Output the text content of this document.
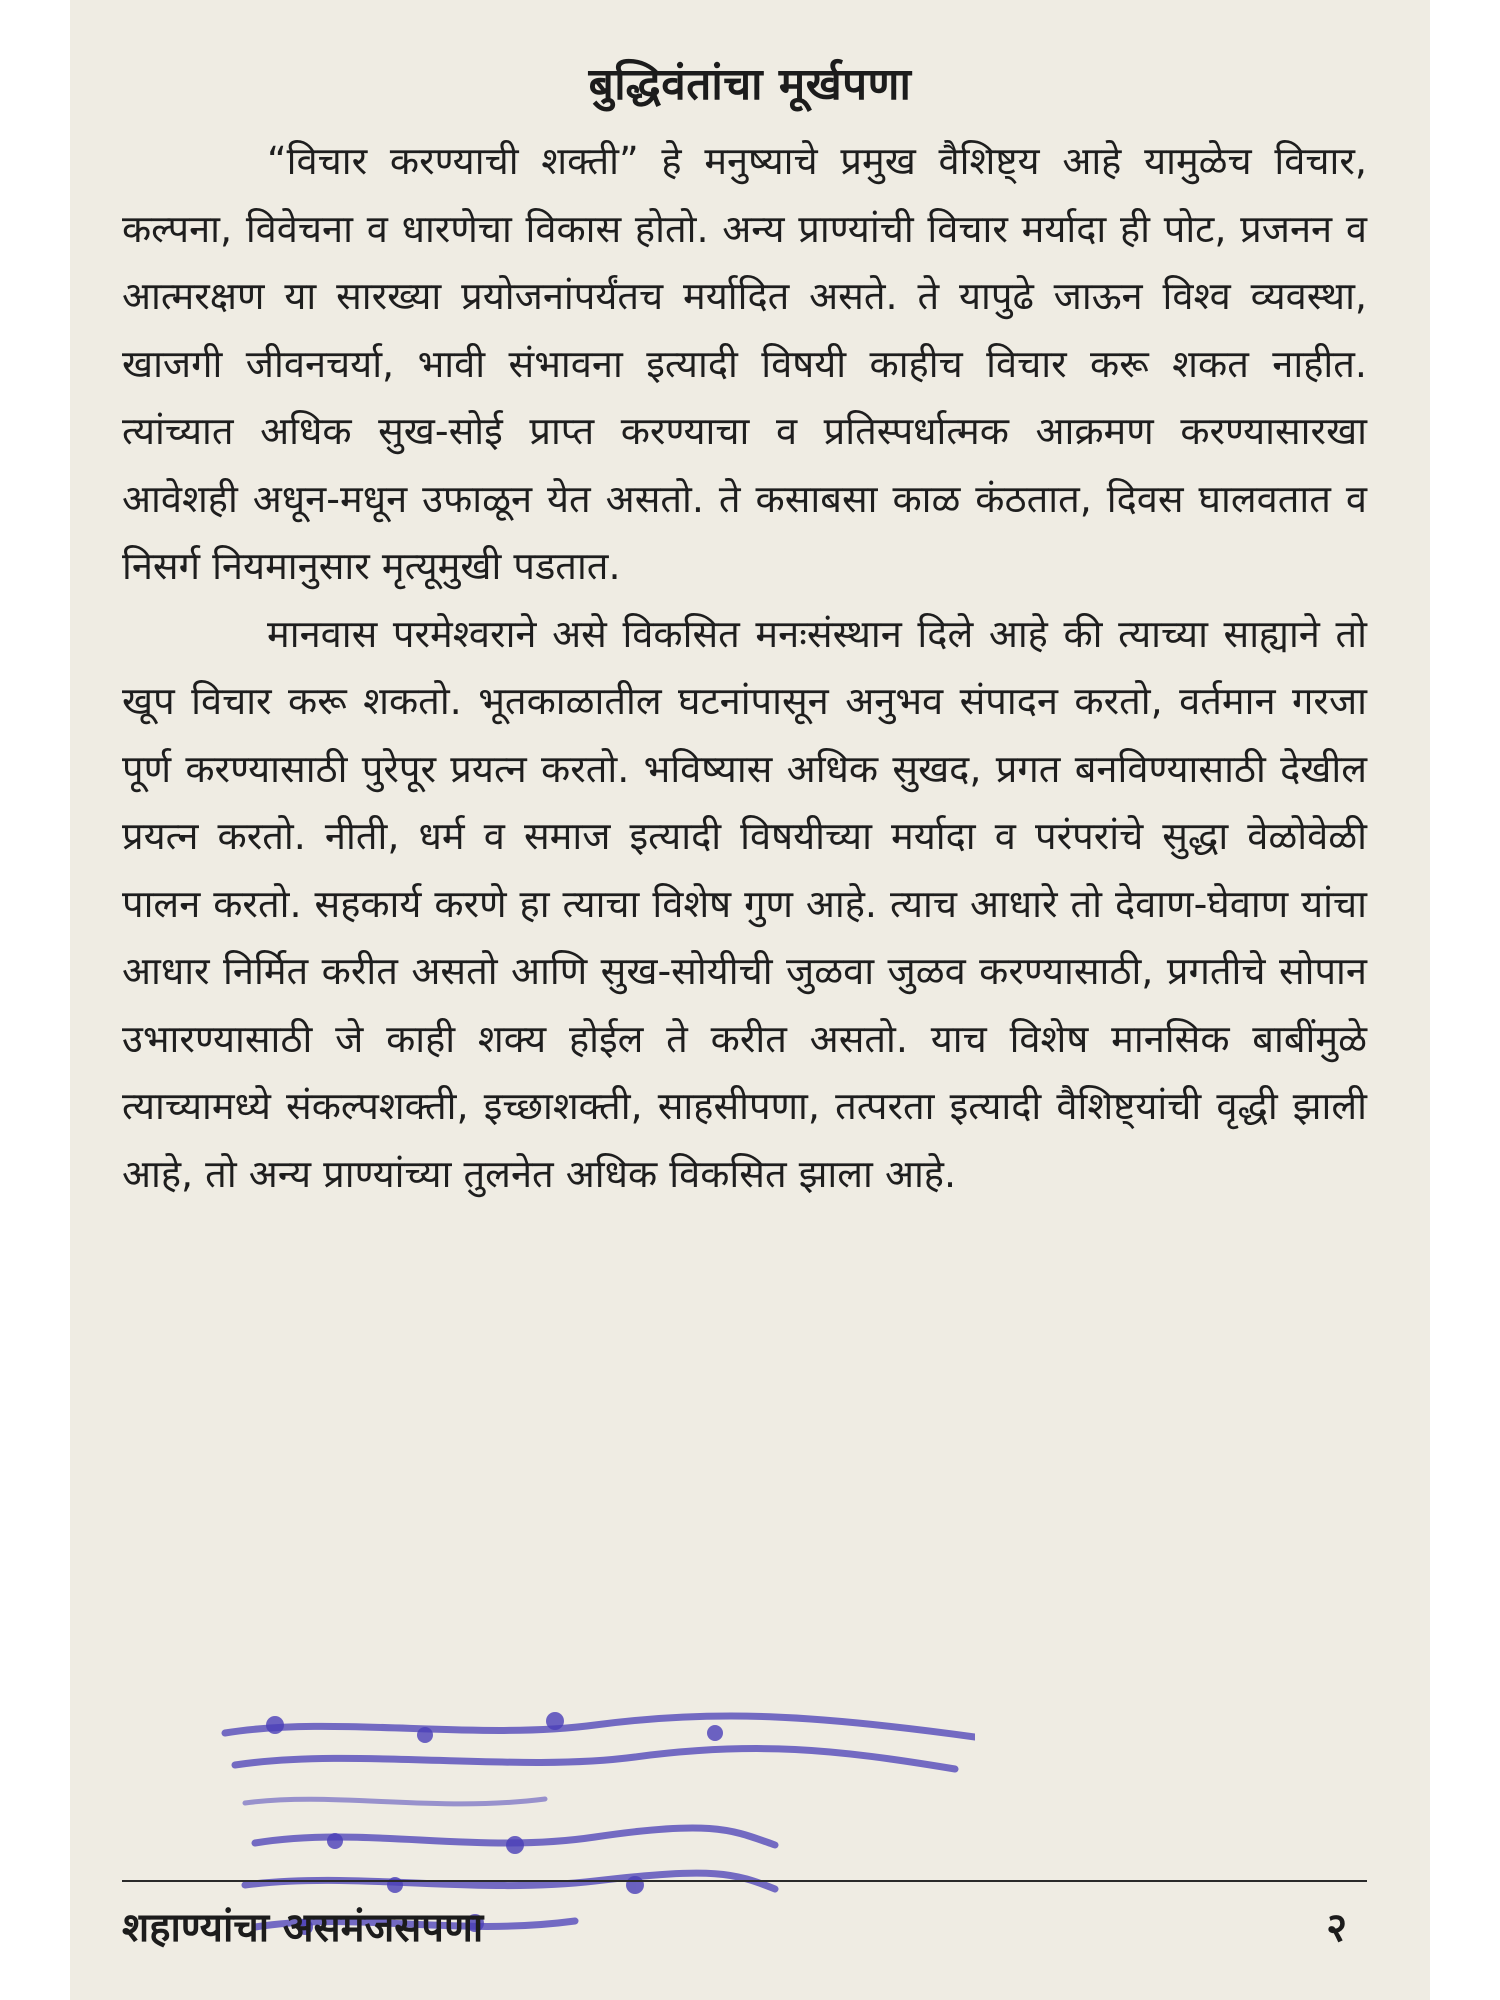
बुद्धिवंतांचा मूर्खपणा

“विचार करण्याची शक्ती” हे मनुष्याचे प्रमुख वैशिष्ट्य आहे यामुळेच विचार, कल्पना, विवेचना व धारणेचा विकास होतो. अन्य प्राण्यांची विचार मर्यादा ही पोट, प्रजनन व आत्मरक्षण या सारख्या प्रयोजनांपर्यंतच मर्यादित असते. ते यापुढे जाऊन विश्व व्यवस्था, खाजगी जीवनचर्या, भावी संभावना इत्यादी विषयी काहीच विचार करू शकत नाहीत. त्यांच्यात अधिक सुख-सोई प्राप्त करण्याचा व प्रतिस्पर्धात्मक आक्रमण करण्यासारखा आवेशही अधून-मधून उफाळून येत असतो. ते कसाबसा काळ कंठतात, दिवस घालवतात व निसर्ग नियमानुसार मृत्यूमुखी पडतात.

मानवास परमेश्वराने असे विकसित मनःसंस्थान दिले आहे की त्याच्या साह्याने तो खूप विचार करू शकतो. भूतकाळातील घटनांपासून अनुभव संपादन करतो, वर्तमान गरजा पूर्ण करण्यासाठी पुरेपूर प्रयत्न करतो. भविष्यास अधिक सुखद, प्रगत बनविण्यासाठी देखील प्रयत्न करतो. नीती, धर्म व समाज इत्यादी विषयीच्या मर्यादा व परंपरांचे सुद्धा वेळोवेळी पालन करतो. सहकार्य करणे हा त्याचा विशेष गुण आहे. त्याच आधारे तो देवाण-घेवाण यांचा आधार निर्मित करीत असतो आणि सुख-सोयीची जुळवा जुळव करण्यासाठी, प्रगतीचे सोपान उभारण्यासाठी जे काही शक्य होईल ते करीत असतो. याच विशेष मानसिक बाबींमुळे त्याच्यामध्ये संकल्पशक्ती, इच्छाशक्ती, साहसीपणा, तत्परता इत्यादी वैशिष्ट्यांची वृद्धी झाली आहे, तो अन्य प्राण्यांच्या तुलनेत अधिक विकसित झाला आहे.

शहाण्यांचा असमंजसपणा	२
